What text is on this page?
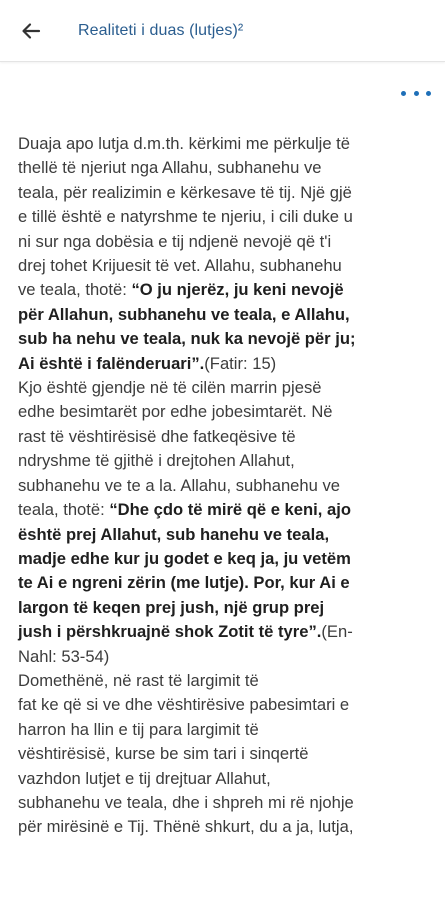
Realiteti i duas (lutjes)²

Duaja apo lutja d.m.th. kërkimi me përkulje të
thellë të njeriut nga Allahu, subhanehu ve
teala, për realizimin e kërkesave të tij. Një gjë
e tillë është e natyrshme te njeriu, i cili duke u
ni sur nga dobësia e tij ndjenë nevojë që t'i
drej tohet Krijuesit të vet. Allahu, subhanehu
ve teala, thotë: “O ju njerëz, ju keni nevojë
për Allahun, subhanehu ve teala, e Allahu,
sub ha nehu ve teala, nuk ka nevojë për ju;
Ai është i falënderuari”.(Fatir: 15)

Kjo është gjendje në të cilën marrin pjesë
edhe besimtarët por edhe jobesimtarët. Në
rast të vështirësisë dhe fatkeqësive të
ndryshme të gjithë i drejtohen Allahut,
subhanehu ve te a la. Allahu, subhanehu ve
teala, thotë: “Dhe çdo të mirë që e keni, ajo
është prej Allahut, sub hanehu ve teala,
madje edhe kur ju godet e keq ja, ju vetëm
te Ai e ngreni zërin (me lutje). Por, kur Ai e
largon të keqen prej jush, një grup prej
jush i përshkruajnë shok Zotit të tyre”.(En-
Nahl: 53-54)

Domethënë, në rast të largimit të
fat ke që si ve dhe vështirësive pabesimtari e
harron ha llin e tij para largimit të
vështirësisë, kurse be sim tari i sinqertë
vazhdon lutjet e tij drejtuar Allahut,
subhanehu ve teala, dhe i shpreh mi rë njohje
për mirësinë e Tij. Thënë shkurt, du a ja, lutja,
